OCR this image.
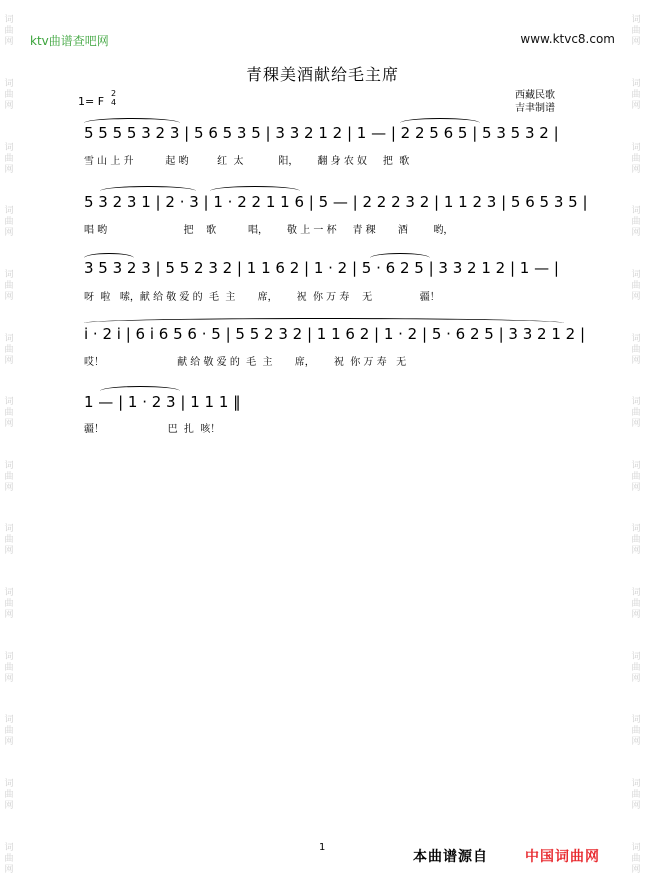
词
曲
网
词
曲
网
词
曲
网
词
曲
网
词
曲
网
词
曲
网
词
曲
网
词
曲
网
词
曲
网
词
曲
网
词
曲
网
词
曲
网
词
曲
网
词
曲
网
词
曲
网
词
曲
网
词
曲
网
词
曲
网
词
曲
网
词
曲
网
词
曲
网
词
曲
网
词
曲
网
词
曲
网
词
曲
网
词
曲
网
词
曲
网
词
曲
网
ktv曲谱查吧网	www.ktvc8.com
青稞美酒献给毛主席
1= F
2
4
西藏民歌
吉聿制谱
5 5 5 5 3 2 3 | 5 6 5 3 5 | 3 3 2 1 2 | 1 — | 2 2 5 6 5 | 5 3 5 3 2 |
雪 山 上 升          起 哟         红  太           阳，      翻 身 农 奴     把  歌
5 3 2 3 1 | 2 · 3 | 1 · 2 2 1 1 6 | 5 — | 2 2 2 3 2 | 1 1 2 3 | 5 6 5 3 5 |
唱 哟                        把    歌          唱，      敬 上 一 杯     青 稞       酒        哟，
3 5 3 2 3 | 5 5 2 3 2 | 1 1 6 2 | 1 · 2 | 5 · 6 2 5 | 3 3 2 1 2 | 1 — |
呀  啦   嗦，献 给 敬 爱 的  毛  主       席，      祝  你 万 寿    无               疆！
i · 2 i | 6 i 6 5 6 · 5 | 5 5 2 3 2 | 1 1 6 2 | 1 · 2 | 5 · 6 2 5 | 3 3 2 1 2 |
哎！                       献 给 敬 爱 的  毛  主       席，      祝  你 万 寿   无
1 — | 1 · 2 3 | 1 1 1 ‖
疆！                    巴  扎  咳！
1
本曲谱源自	中国词曲网
